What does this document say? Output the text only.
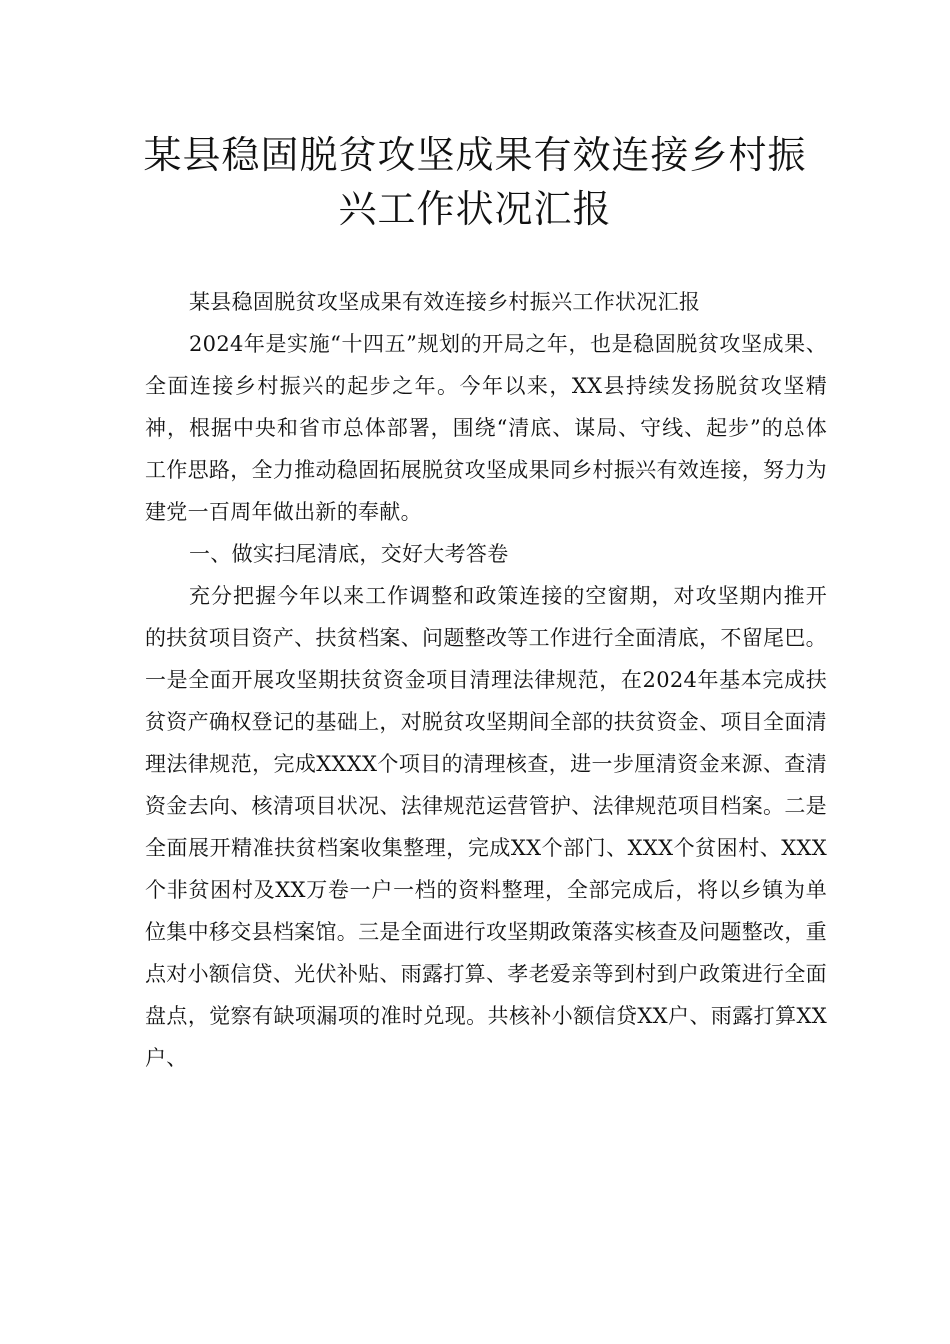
某县稳固脱贫攻坚成果有效连接乡村振
兴工作状况汇报

某县稳固脱贫攻坚成果有效连接乡村振兴工作状况汇报

2024年是实施“十四五”规划的开局之年，也是稳固脱贫攻坚成果、全面连接乡村振兴的起步之年。今年以来，XX县持续发扬脱贫攻坚精神，根据中央和省市总体部署，围绕“清底、谋局、守线、起步”的总体工作思路，全力推动稳固拓展脱贫攻坚成果同乡村振兴有效连接，努力为建党一百周年做出新的奉献。

一、做实扫尾清底，交好大考答卷

充分把握今年以来工作调整和政策连接的空窗期，对攻坚期内推开的扶贫项目资产、扶贫档案、问题整改等工作进行全面清底，不留尾巴。一是全面开展攻坚期扶贫资金项目清理法律规范，在2024年基本完成扶贫资产确权登记的基础上，对脱贫攻坚期间全部的扶贫资金、项目全面清理法律规范，完成XXXX个项目的清理核查，进一步厘清资金来源、查清资金去向、核清项目状况、法律规范运营管护、法律规范项目档案。二是全面展开精准扶贫档案收集整理，完成XX个部门、XXX个贫困村、XXX个非贫困村及XX万卷一户一档的资料整理，全部完成后，将以乡镇为单位集中移交县档案馆。三是全面进行攻坚期政策落实核查及问题整改，重点对小额信贷、光伏补贴、雨露打算、孝老爱亲等到村到户政策进行全面盘点，觉察有缺项漏项的准时兑现。共核补小额信贷XX户、雨露打算XX户、
